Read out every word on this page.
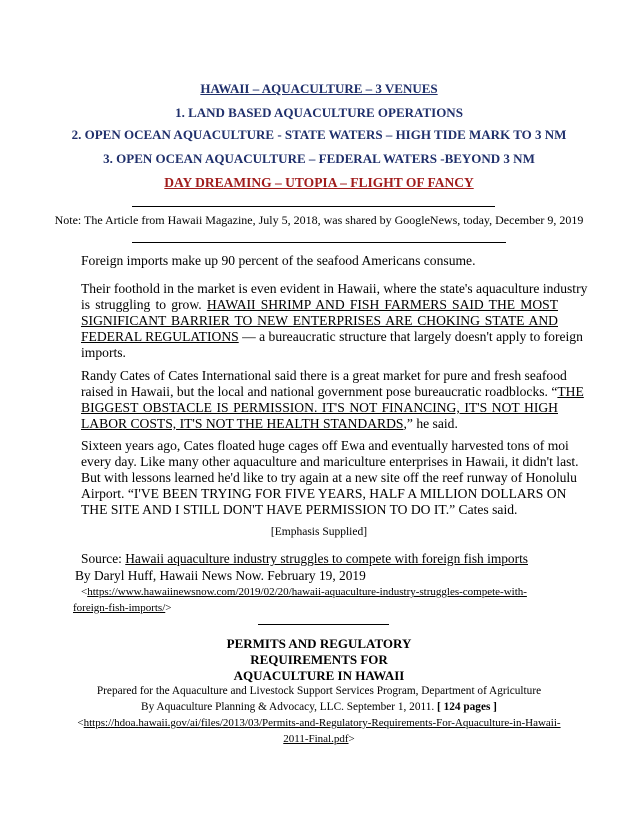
HAWAII – AQUACULTURE – 3 VENUES
1. LAND BASED AQUACULTURE OPERATIONS
2. OPEN OCEAN AQUACULTURE - STATE WATERS – HIGH TIDE MARK TO 3 NM
3. OPEN OCEAN AQUACULTURE – FEDERAL WATERS -BEYOND 3 NM
DAY DREAMING – UTOPIA – FLIGHT OF FANCY
Note: The Article from Hawaii Magazine, July 5, 2018, was shared by GoogleNews, today, December 9, 2019
Foreign imports make up 90 percent of the seafood Americans consume.
Their foothold in the market is even evident in Hawaii, where the state's aquaculture industry
is struggling to grow. HAWAII SHRIMP AND FISH FARMERS SAID THE MOST
SIGNIFICANT BARRIER TO NEW ENTERPRISES ARE CHOKING STATE AND
FEDERAL REGULATIONS — a bureaucratic structure that largely doesn't apply to foreign
imports.
Randy Cates of Cates International said there is a great market for pure and fresh seafood
raised in Hawaii, but the local and national government pose bureaucratic roadblocks. “THE
BIGGEST OBSTACLE IS PERMISSION. IT'S NOT FINANCING, IT'S NOT HIGH
LABOR COSTS, IT'S NOT THE HEALTH STANDARDS,” he said.
Sixteen years ago, Cates floated huge cages off Ewa and eventually harvested tons of moi
every day. Like many other aquaculture and mariculture enterprises in Hawaii, it didn't last.
But with lessons learned he'd like to try again at a new site off the reef runway of Honolulu
Airport. “I'VE BEEN TRYING FOR FIVE YEARS, HALF A MILLION DOLLARS ON
THE SITE AND I STILL DON'T HAVE PERMISSION TO DO IT.” Cates said.
[Emphasis Supplied]
Source: Hawaii aquaculture industry struggles to compete with foreign fish imports
By Daryl Huff, Hawaii News Now. February 19, 2019
<https://www.hawaiinewsnow.com/2019/02/20/hawaii-aquaculture-industry-struggles-compete-with-
foreign-fish-imports/>
PERMITS AND REGULATORY
REQUIREMENTS FOR
AQUACULTURE IN HAWAII
Prepared for the Aquaculture and Livestock Support Services Program, Department of Agriculture
By Aquaculture Planning & Advocacy, LLC. September 1, 2011. [ 124 pages ]
<https://hdoa.hawaii.gov/ai/files/2013/03/Permits-and-Regulatory-Requirements-For-Aquaculture-in-Hawaii-
2011-Final.pdf>
